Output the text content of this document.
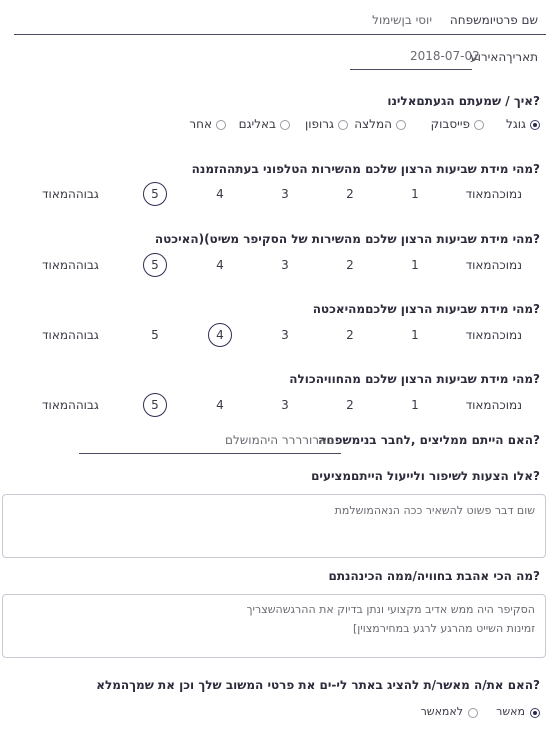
שם פרטיומשפחה
יוסי בןשימול
תאריךהאירוע
2018-07-02
איך / שמעתם הגעתםאלינו?
גוגל
פייסבוק
המלצה
גרופון
באליגם
אחר
מהי מידת שביעות הרצון שלכם מהשירות הטלפוני בעתההזמנה?
נמוכהמאוד
1
2
3
4
5
גבוההמאוד
מהי מידת שביעות הרצון שלכם מהשירות של הסקיפר משיט)(האיכטה?
נמוכהמאוד
1
2
3
4
5
גבוההמאוד
מהי מידת שביעות הרצון שלכםמהיאכטה?
נמוכהמאוד
1
2
3
4
5
גבוההמאוד
מהי מידת שביעות הרצון שלכם מהחוויהכולה?
נמוכהמאוד
1
2
3
4
5
גבוההמאוד
האם הייתם ממליצים ,לחבר בנימשפחה?
בארורררר היהמושלם
אלו הצעות לשיפור ולייעול הייתםמציעים?
שום דבר פשוט להשאיר ככה הנאהמושלמת
מה הכי אהבת בחוויה/ממה הכינהנתם?
הסקיפר היה ממש אדיב מקצועי ונתן בדיוק את ההרגשהשצריך
זמינות השייט מהרגע לרגע במחירמצוין]
האם את/ה מאשר/ת להציג באתר לי-ים את פרטי המשוב שלך וכן את שמךהמלא?
מאשר
לאמאשר
